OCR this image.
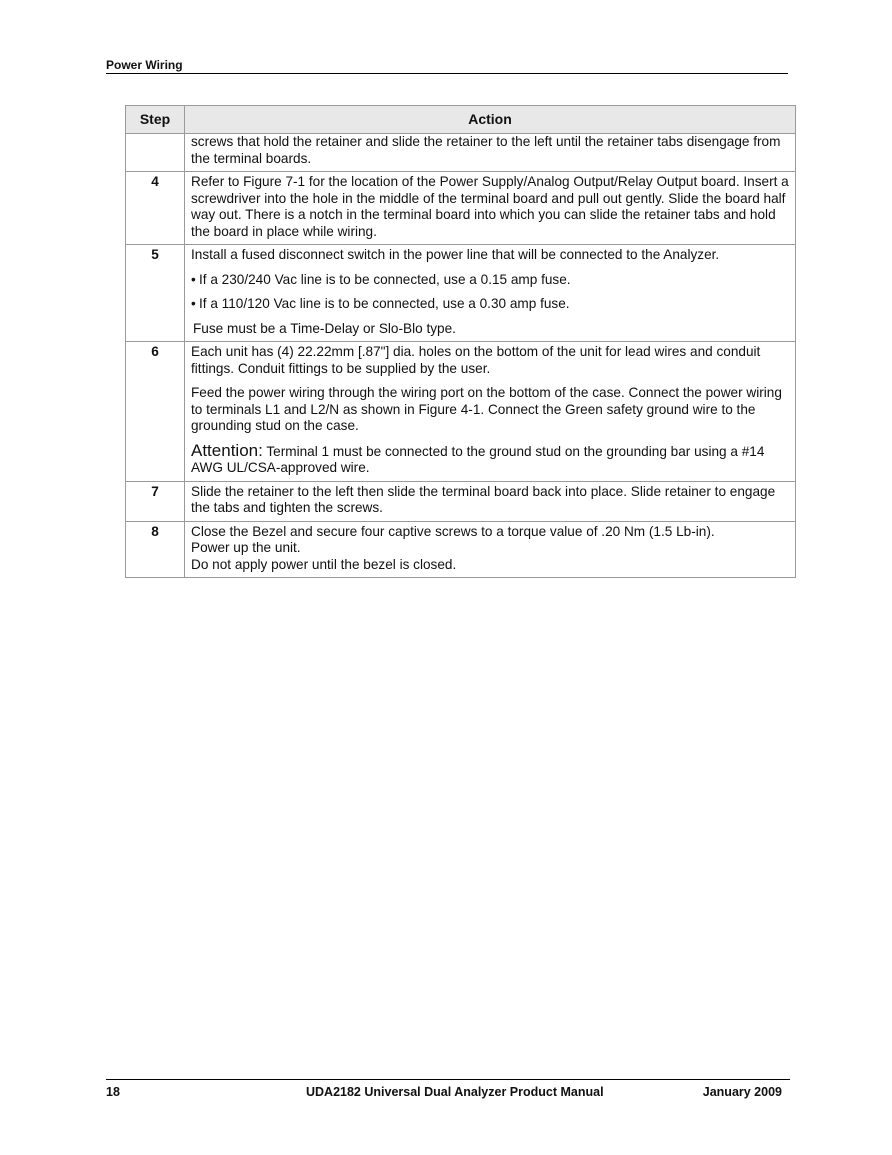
Power Wiring
Step	Action

	screws that hold the retainer and slide the retainer to the left until the retainer tabs disengage from the terminal boards.

4	Refer to Figure 7-1 for the location of the Power Supply/Analog Output/Relay Output board. Insert a screwdriver into the hole in the middle of the terminal board and pull out gently. Slide the board half way out. There is a notch in the terminal board into which you can slide the retainer tabs and hold the board in place while wiring.

5	Install a fused disconnect switch in the power line that will be connected to the Analyzer.

• If a 230/240 Vac line is to be connected, use a 0.15 amp fuse.

• If a 110/120 Vac line is to be connected, use a 0.30 amp fuse.

Fuse must be a Time-Delay or Slo-Blo type.

6	Each unit has (4) 22.22mm [.87"] dia. holes on the bottom of the unit for lead wires and conduit fittings. Conduit fittings to be supplied by the user.

Feed the power wiring through the wiring port on the bottom of the case. Connect the power wiring to terminals L1 and L2/N as shown in Figure 4-1. Connect the Green safety ground wire to the grounding stud on the case.

Attention: Terminal 1 must be connected to the ground stud on the grounding bar using a #14 AWG UL/CSA-approved wire.

7	Slide the retainer to the left then slide the terminal board back into place. Slide retainer to engage the tabs and tighten the screws.

8	Close the Bezel and secure four captive screws to a torque value of .20 Nm (1.5 Lb-in).
Power up the unit.
Do not apply power until the bezel is closed.
18	UDA2182 Universal Dual Analyzer Product Manual	January 2009
